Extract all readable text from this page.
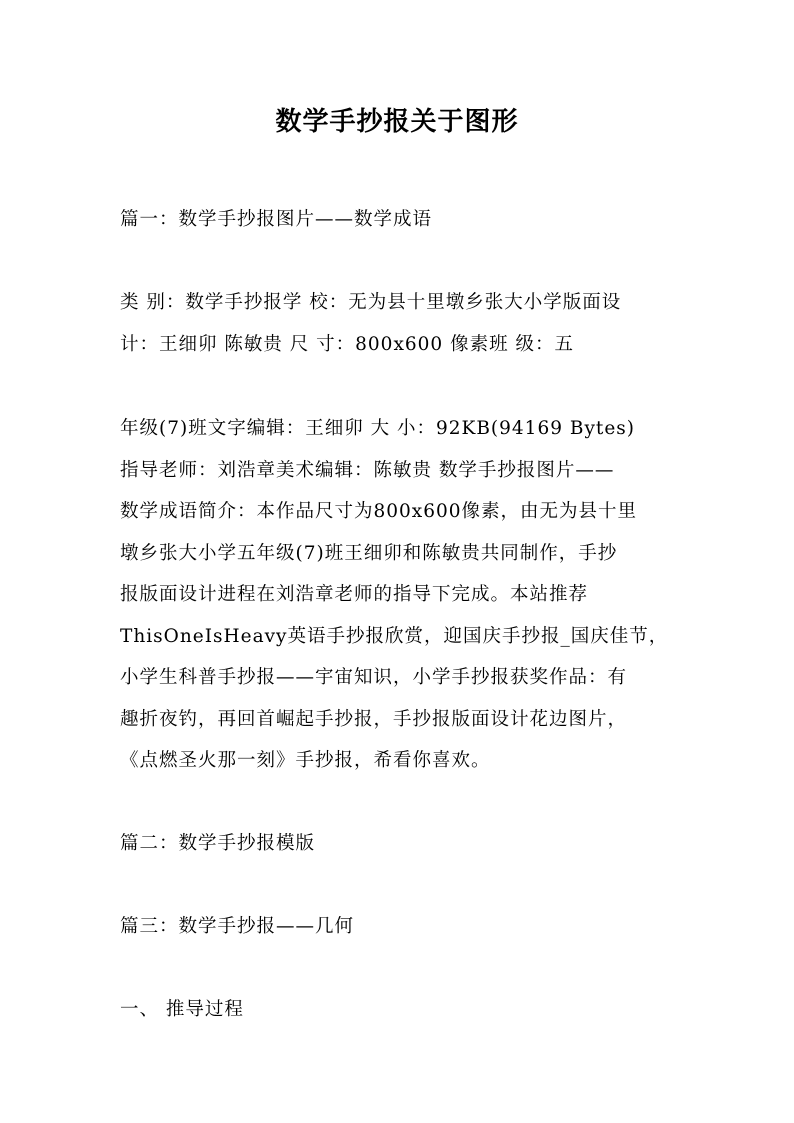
数学手抄报关于图形
篇一：数学手抄报图片——数学成语
类 别：数学手抄报学 校：无为县十里墩乡张大小学版面设
计：王细卯 陈敏贵 尺 寸：800x600 像素班 级：五
年级(7)班文字编辑：王细卯 大 小：92KB(94169 Bytes)
指导老师：刘浩章美术编辑：陈敏贵 数学手抄报图片——
数学成语简介：本作品尺寸为800x600像素，由无为县十里
墩乡张大小学五年级(7)班王细卯和陈敏贵共同制作，手抄
报版面设计进程在刘浩章老师的指导下完成。本站推荐
ThisOneIsHeavy英语手抄报欣赏，迎国庆手抄报_国庆佳节，
小学生科普手抄报——宇宙知识，小学手抄报获奖作品：有
趣折夜钓，再回首崛起手抄报，手抄报版面设计花边图片，
《点燃圣火那一刻》手抄报，希看你喜欢。
篇二：数学手抄报模版
篇三：数学手抄报——几何
一、 推导过程
